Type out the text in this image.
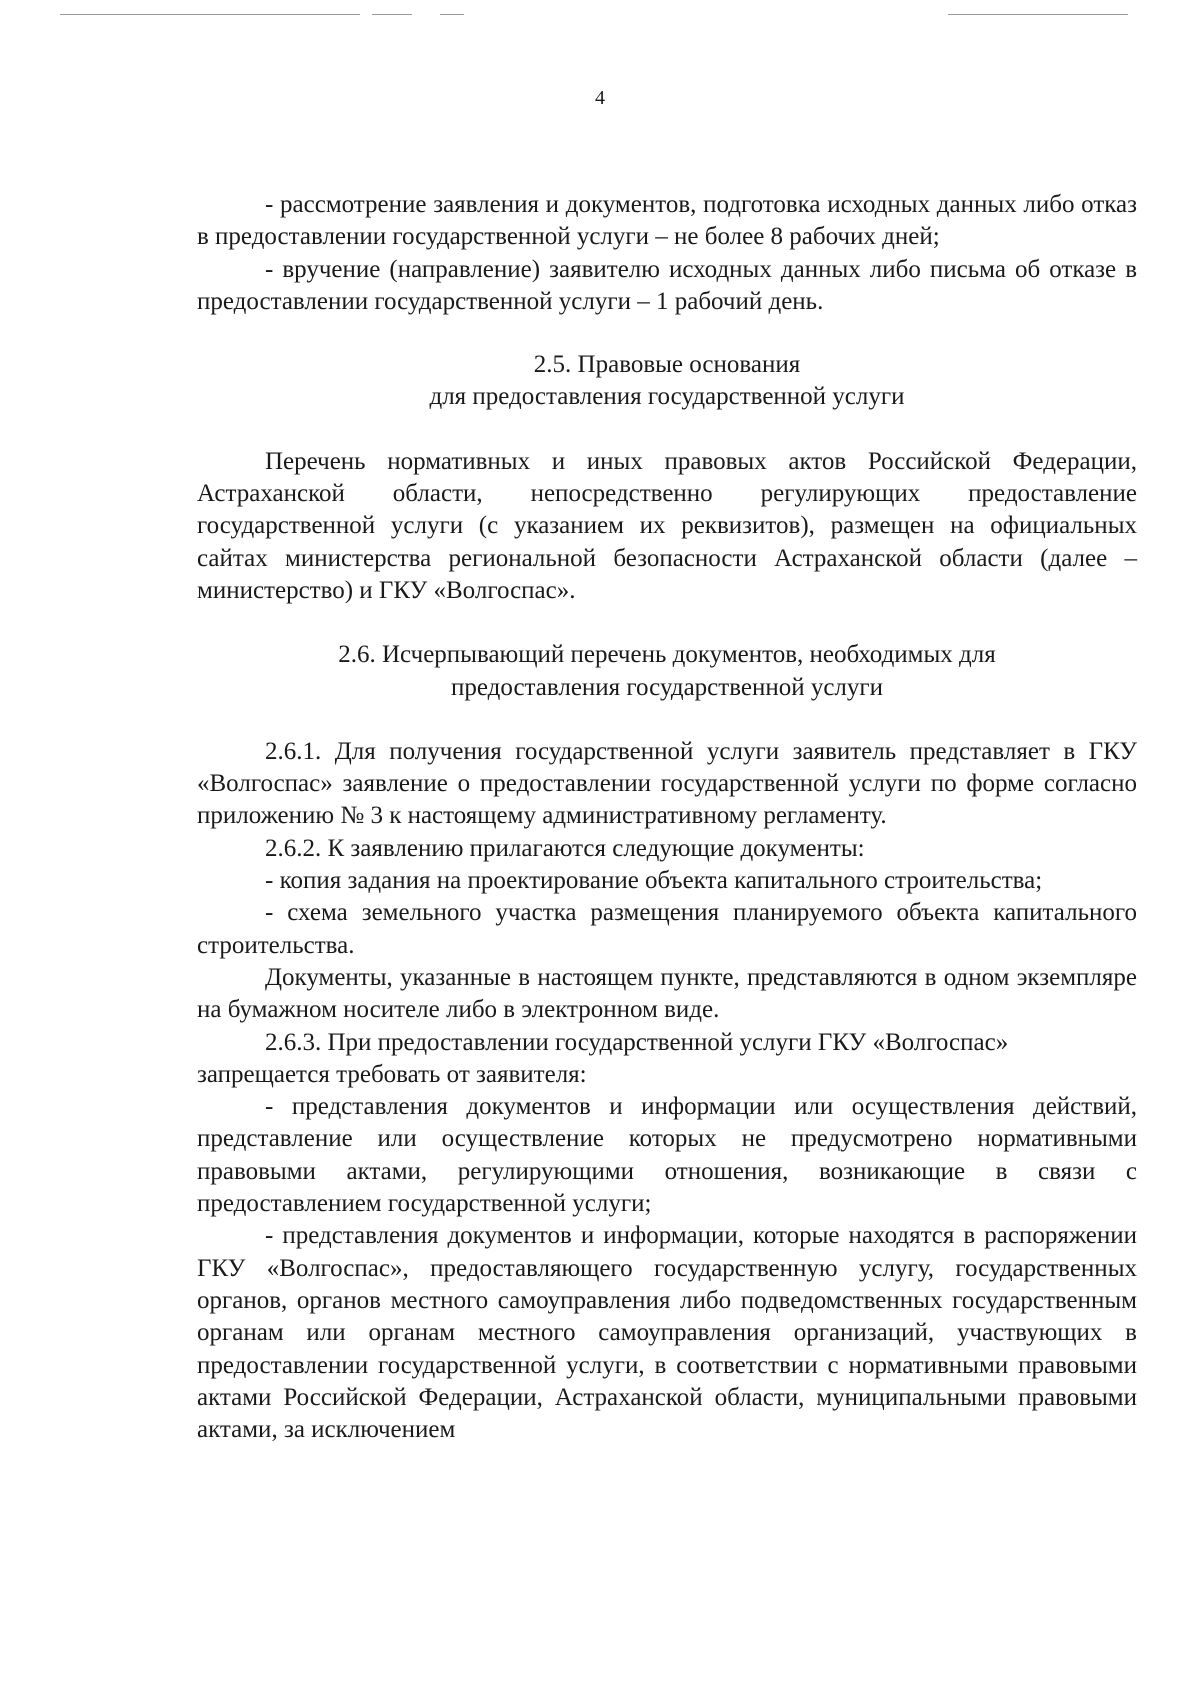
4

- рассмотрение заявления и документов, подготовка исходных данных либо отказ в предоставлении государственной услуги – не более 8 рабочих дней;

- вручение (направление) заявителю исходных данных либо письма об отказе в предоставлении государственной услуги – 1 рабочий день.

2.5. Правовые основания
для предоставления государственной услуги

Перечень нормативных и иных правовых актов Российской Федерации, Астраханской области, непосредственно регулирующих предоставление государственной услуги (с указанием их реквизитов), размещен на официальных сайтах министерства региональной безопасности Астраханской области (далее – министерство) и ГКУ «Волгоспас».

2.6. Исчерпывающий перечень документов, необходимых для
предоставления государственной услуги

2.6.1. Для получения государственной услуги заявитель представляет в ГКУ «Волгоспас» заявление о предоставлении государственной услуги по форме согласно приложению № 3 к настоящему административному регламенту.

2.6.2. К заявлению прилагаются следующие документы:

- копия задания на проектирование объекта капитального строительства;

- схема земельного участка размещения планируемого объекта капитального строительства.

Документы, указанные в настоящем пункте, представляются в одном экземпляре на бумажном носителе либо в электронном виде.

2.6.3. При предоставлении государственной услуги ГКУ «Волгоспас»

запрещается требовать от заявителя:

- представления документов и информации или осуществления действий, представление или осуществление которых не предусмотрено нормативными правовыми актами, регулирующими отношения, возникающие в связи с предоставлением государственной услуги;

- представления документов и информации, которые находятся в распоряжении ГКУ «Волгоспас», предоставляющего государственную услугу, государственных органов, органов местного самоуправления либо подведомственных государственным органам или органам местного самоуправления организаций, участвующих в предоставлении государственной услуги, в соответствии с нормативными правовыми актами Российской Федерации, Астраханской области, муниципальными правовыми актами, за исключением
